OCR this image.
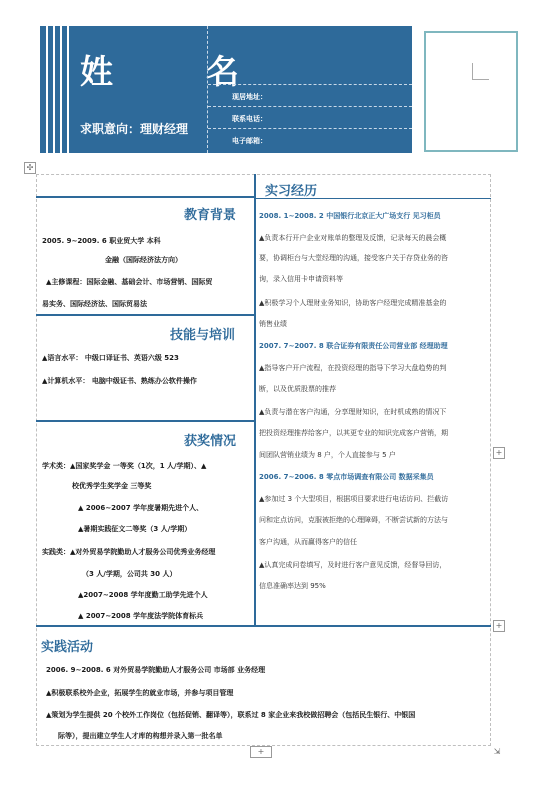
姓　名
求职意向：理财经理
现居地址：
联系电话：
电子邮箱：
✣
教育背景
2005. 9~2009. 6 职业贸大学 本科
金融（国际经济法方向）
▲主修课程：国际金融、基础会计、市场营销、国际贸
易实务、国际经济法、国际贸易法
技能与培训
▲语言水平： 中级口译证书、英语六级 523
▲计算机水平： 电脑中级证书、熟练办公软件操作
获奖情况
学术类：▲国家奖学金 一等奖（1次，1 人/学期）、▲
校优秀学生奖学金 三等奖
▲ 2006~2007 学年度暑期先进个人、
▲暑期实践征文二等奖（3 人/学期）
实践类：▲对外贸易学院勤助人才服务公司优秀业务经理
（3 人/学期，公司共 30 人）
▲2007~2008 学年度勤工助学先进个人
▲ 2007~2008 学年度法学院体育标兵
实习经历
2008. 1~2008. 2 中国银行北京正大广场支行 见习柜员
▲负责本行开户企业对账单的整理及反馈，记录每天的晨会概
要，协调柜台与大堂经理的沟通，接受客户关于存贷业务的咨
询，录入信用卡申请资料等
▲积极学习个人理财业务知识，协助客户经理完成精准基金的
销售业绩
2007. 7~2007. 8 联合证券有限责任公司营业部 经理助理
▲指导客户开户流程，在投资经理的指导下学习大盘趋势的判
断，以及优质股票的推荐
▲负责与潜在客户沟通，分享理财知识，在时机成熟的情况下
把投资经理推荐给客户，以其更专业的知识完成客户营销，期
间团队营销业绩为 8 户，个人直接参与 5 户
2006. 7~2006. 8 零点市场调查有限公司 数据采集员
▲参加过 3 个大型项目，根据项目要求进行电话访问、拦截访
问和定点访问，克服被拒绝的心理障碍，不断尝试新的方法与
客户沟通，从而赢得客户的信任
▲认真完成问卷填写，及时进行客户意见反馈，经督导回访，
信息准确率达到 95%
实践活动
2006. 9~2008. 6 对外贸易学院勤助人才服务公司 市场部 业务经理
▲积极联系校外企业，拓展学生的就业市场，并参与项目管理
▲策划为学生提供 20 个校外工作岗位（包括促销、翻译等），联系过 8 家企业来我校做招聘会（包括民生银行、中银国
际等），提出建立学生人才库的构想并录入第一批名单
+
+
+	⇲
